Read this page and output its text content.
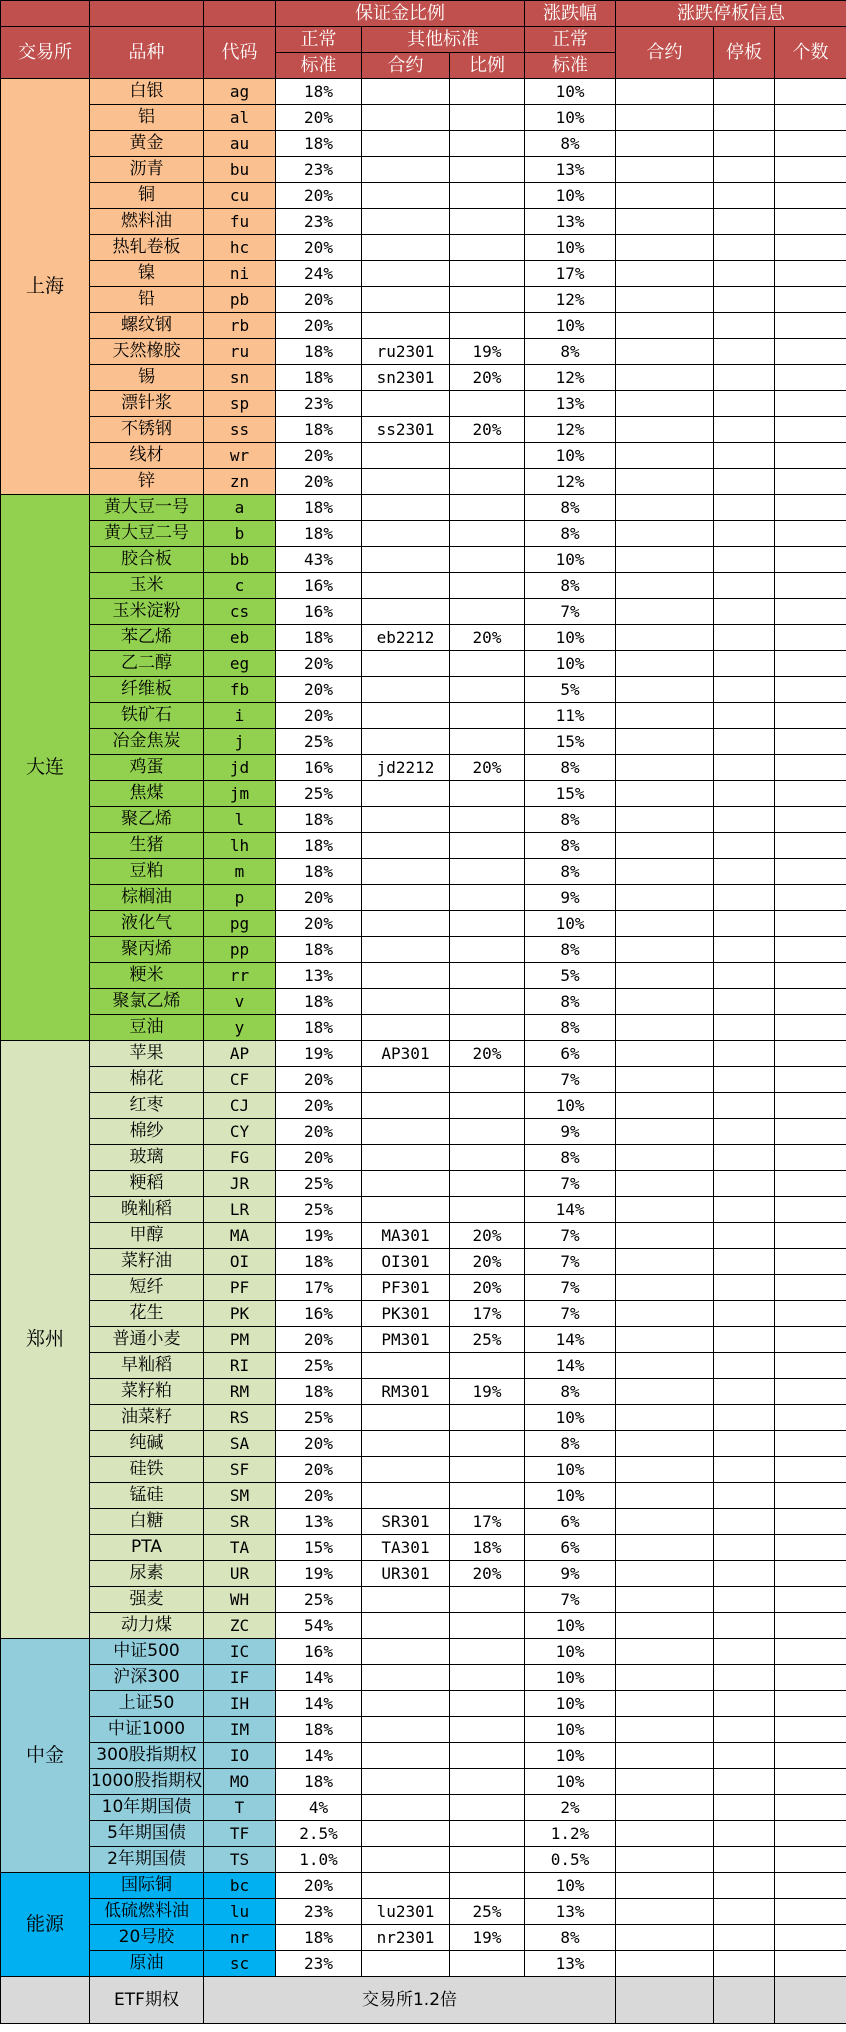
			保证金比例			涨跌幅	涨跌停板信息		
交易所	品种	代码	正常	其他标准		正常	合约	停板	个数
			标准	合约	比例	标准			
上海	白银	ag	18%			10%			
	铝	al	20%			10%			
	黄金	au	18%			8%			
	沥青	bu	23%			13%			
	铜	cu	20%			10%			
	燃料油	fu	23%			13%			
	热轧卷板	hc	20%			10%			
	镍	ni	24%			17%			
	铅	pb	20%			12%			
	螺纹钢	rb	20%			10%			
	天然橡胶	ru	18%	ru2301	19%	8%			
	锡	sn	18%	sn2301	20%	12%			
	漂针浆	sp	23%			13%			
	不锈钢	ss	18%	ss2301	20%	12%			
	线材	wr	20%			10%			
	锌	zn	20%			12%			
大连	黄大豆一号	a	18%			8%			
	黄大豆二号	b	18%			8%			
	胶合板	bb	43%			10%			
	玉米	c	16%			8%			
	玉米淀粉	cs	16%			7%			
	苯乙烯	eb	18%	eb2212	20%	10%			
	乙二醇	eg	20%			10%			
	纤维板	fb	20%			5%			
	铁矿石	i	20%			11%			
	冶金焦炭	j	25%			15%			
	鸡蛋	jd	16%	jd2212	20%	8%			
	焦煤	jm	25%			15%			
	聚乙烯	l	18%			8%			
	生猪	lh	18%			8%			
	豆粕	m	18%			8%			
	棕榈油	p	20%			9%			
	液化气	pg	20%			10%			
	聚丙烯	pp	18%			8%			
	粳米	rr	13%			5%			
	聚氯乙烯	v	18%			8%			
	豆油	y	18%			8%			
郑州	苹果	AP	19%	AP301	20%	6%			
	棉花	CF	20%			7%			
	红枣	CJ	20%			10%			
	棉纱	CY	20%			9%			
	玻璃	FG	20%			8%			
	粳稻	JR	25%			7%			
	晚籼稻	LR	25%			14%			
	甲醇	MA	19%	MA301	20%	7%			
	菜籽油	OI	18%	OI301	20%	7%			
	短纤	PF	17%	PF301	20%	7%			
	花生	PK	16%	PK301	17%	7%			
	普通小麦	PM	20%	PM301	25%	14%			
	早籼稻	RI	25%			14%			
	菜籽粕	RM	18%	RM301	19%	8%			
	油菜籽	RS	25%			10%			
	纯碱	SA	20%			8%			
	硅铁	SF	20%			10%			
	锰硅	SM	20%			10%			
	白糖	SR	13%	SR301	17%	6%			
	PTA	TA	15%	TA301	18%	6%			
	尿素	UR	19%	UR301	20%	9%			
	强麦	WH	25%			7%			
	动力煤	ZC	54%			10%			
中金	中证500	IC	16%			10%			
	沪深300	IF	14%			10%			
	上证50	IH	14%			10%			
	中证1000	IM	18%			10%			
	300股指期权	IO	14%			10%			
	1000股指期权	MO	18%			10%			
	10年期国债	T	4%			2%			
	5年期国债	TF	2.5%			1.2%			
	2年期国债	TS	1.0%			0.5%			
能源	国际铜	bc	20%			10%			
	低硫燃料油	lu	23%	lu2301	25%	13%			
	20号胶	nr	18%	nr2301	19%	8%			
	原油	sc	23%			13%			
	ETF期权	交易所1.2倍							
